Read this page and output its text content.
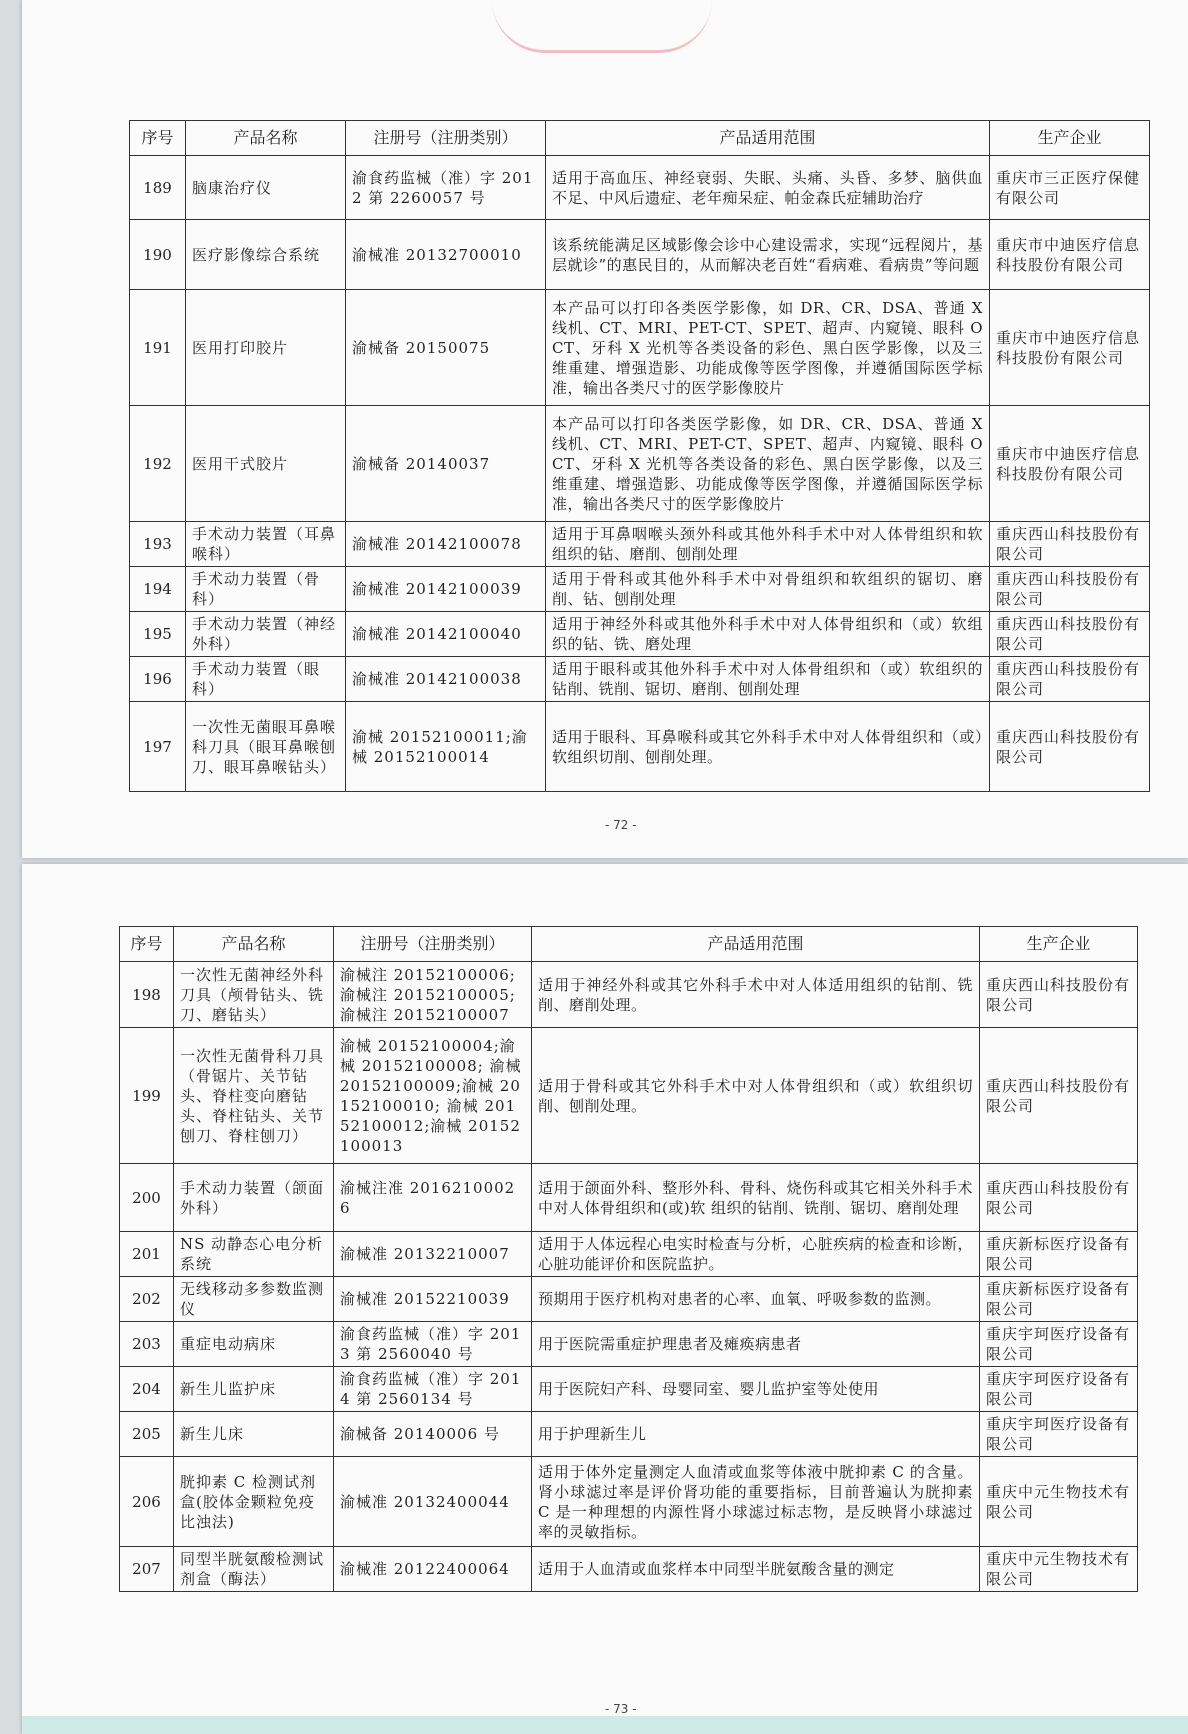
序号	产品名称	注册号（注册类别）	产品适用范围	生产企业
189	脑康治疗仪	渝食药监械（准）字 2012 第 2260057 号	适用于高血压、神经衰弱、失眠、头痛、头昏、多梦、脑供血不足、中风后遗症、老年痴呆症、帕金森氏症辅助治疗	重庆市三正医疗保健有限公司
190	医疗影像综合系统	渝械准 20132700010	该系统能满足区域影像会诊中心建设需求，实现“远程阅片，基层就诊”的惠民目的，从而解决老百姓“看病难、看病贵”等问题	重庆市中迪医疗信息科技股份有限公司
191	医用打印胶片	渝械备 20150075	本产品可以打印各类医学影像，如 DR、CR、DSA、普通 X 线机、CT、MRI、PET-CT、SPET、超声、内窥镜、眼科 OCT、牙科 X 光机等各类设备的彩色、黑白医学影像，以及三维重建、增强造影、功能成像等医学图像，并遵循国际医学标准，输出各类尺寸的医学影像胶片	重庆市中迪医疗信息科技股份有限公司
192	医用干式胶片	渝械备 20140037	本产品可以打印各类医学影像，如 DR、CR、DSA、普通 X 线机、CT、MRI、PET-CT、SPET、超声、内窥镜、眼科 OCT、牙科 X 光机等各类设备的彩色、黑白医学影像，以及三维重建、增强造影、功能成像等医学图像，并遵循国际医学标准，输出各类尺寸的医学影像胶片	重庆市中迪医疗信息科技股份有限公司
193	手术动力装置（耳鼻喉科）	渝械准 20142100078	适用于耳鼻咽喉头颈外科或其他外科手术中对人体骨组织和软组织的钻、磨削、刨削处理	重庆西山科技股份有限公司
194	手术动力装置（骨科）	渝械准 20142100039	适用于骨科或其他外科手术中对骨组织和软组织的锯切、磨削、钻、刨削处理	重庆西山科技股份有限公司
195	手术动力装置（神经外科）	渝械准 20142100040	适用于神经外科或其他外科手术中对人体骨组织和（或）软组织的钻、铣、磨处理	重庆西山科技股份有限公司
196	手术动力装置（眼科）	渝械准 20142100038	适用于眼科或其他外科手术中对人体骨组织和（或）软组织的钻削、铣削、锯切、磨削、刨削处理	重庆西山科技股份有限公司
197	一次性无菌眼耳鼻喉科刀具（眼耳鼻喉刨刀、眼耳鼻喉钻头）	渝械 20152100011;渝械 20152100014	适用于眼科、耳鼻喉科或其它外科手术中对人体骨组织和（或）软组织切削、刨削处理。	重庆西山科技股份有限公司
- 72 -
序号	产品名称	注册号（注册类别）	产品适用范围	生产企业
198	一次性无菌神经外科刀具（颅骨钻头、铣刀、磨钻头）	渝械注 20152100006;渝械注 20152100005;渝械注 20152100007	适用于神经外科或其它外科手术中对人体适用组织的钻削、铣削、磨削处理。	重庆西山科技股份有限公司
199	一次性无菌骨科刀具（骨锯片、关节钻头、脊柱变向磨钻头、脊柱钻头、关节刨刀、脊柱刨刀）	渝械 20152100004;渝械 20152100008; 渝械 20152100009;渝械 20152100010; 渝械 20152100012;渝械 20152100013	适用于骨科或其它外科手术中对人体骨组织和（或）软组织切削、刨削处理。	重庆西山科技股份有限公司
200	手术动力装置（颌面外科）	渝械注准 20162100026	适用于颌面外科、整形外科、骨科、烧伤科或其它相关外科手术中对人体骨组织和(或)软 组织的钻削、铣削、锯切、磨削处理	重庆西山科技股份有限公司
201	NS 动静态心电分析系统	渝械准 20132210007	适用于人体远程心电实时检查与分析，心脏疾病的检查和诊断，心脏功能评价和医院监护。	重庆新标医疗设备有限公司
202	无线移动多参数监测仪	渝械准 20152210039	预期用于医疗机构对患者的心率、血氧、呼吸参数的监测。	重庆新标医疗设备有限公司
203	重症电动病床	渝食药监械（准）字 2013 第 2560040 号	用于医院需重症护理患者及瘫痪病患者	重庆宇珂医疗设备有限公司
204	新生儿监护床	渝食药监械（准）字 2014 第 2560134 号	用于医院妇产科、母婴同室、婴儿监护室等处使用	重庆宇珂医疗设备有限公司
205	新生儿床	渝械备 20140006 号	用于护理新生儿	重庆宇珂医疗设备有限公司
206	胱抑素 C 检测试剂盒(胶体金颗粒免疫比浊法)	渝械准 20132400044	适用于体外定量测定人血清或血浆等体液中胱抑素 C 的含量。肾小球滤过率是评价肾功能的重要指标，目前普遍认为胱抑素 C 是一种理想的内源性肾小球滤过标志物，是反映肾小球滤过率的灵敏指标。	重庆中元生物技术有限公司
207	同型半胱氨酸检测试剂盒（酶法）	渝械准 20122400064	适用于人血清或血浆样本中同型半胱氨酸含量的测定	重庆中元生物技术有限公司
- 73 -
